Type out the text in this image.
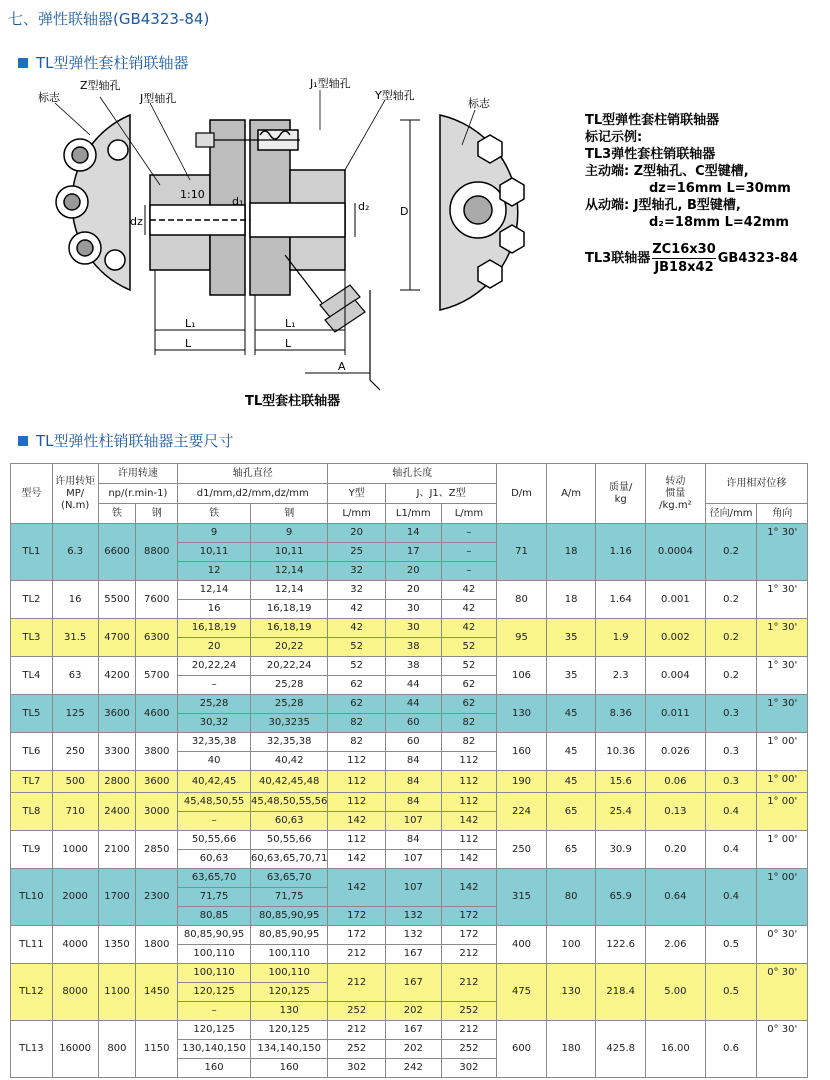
七、弹性联轴器(GB4323-84)
TL型弹性套柱销联轴器
标志
Z型轴孔
J型轴孔
J₁型轴孔
Y型轴孔
标志
1:10
dz
d₁	d₂	D
L₁
L
L₁
L
A
TL型套柱联轴器
TL型弹性套柱销联轴器
标记示例:
TL3弹性套柱销联轴器
主动端: Z型轴孔、C型键槽,
dz=16mm L=30mm
从动端: J型轴孔, B型键槽,
d₂=18mm L=42mm
TL3联轴器 $\frac{ZC16x30}{JB18x42} GB4323-84$
TL型弹性柱销联轴器主要尺寸
型号	许用转矩
MP/
(N.m)	许用转速		轴孔直径		轴孔长度			D/m	A/m	质量/
kg	转动
惯量
/kg.m²	许用相对位移	
		np/(r.min-1)		d1/mm,d2/mm,dz/mm		Y型	J、J1、Z型							
		铁	钢	铁	钢	L/mm	L1/mm	L/mm					径向/mm	角向
TL1	6.3	6600	8800	9	9	20	14	–	71	18	1.16	0.0004	0.2	1° 30'
				10,11	10,11	25	17	–						
				12	12,14	32	20	–						
TL2	16	5500	7600	12,14	12,14	32	20	42	80	18	1.64	0.001	0.2	1° 30'
				16	16,18,19	42	30	42						
TL3	31.5	4700	6300	16,18,19	16,18,19	42	30	42	95	35	1.9	0.002	0.2	1° 30'
				20	20,22	52	38	52						
TL4	63	4200	5700	20,22,24	20,22,24	52	38	52	106	35	2.3	0.004	0.2	1° 30'
				–	25,28	62	44	62						
TL5	125	3600	4600	25,28	25,28	62	44	62	130	45	8.36	0.011	0.3	1° 30'
				30,32	30,3235	82	60	82						
TL6	250	3300	3800	32,35,38	32,35,38	82	60	82	160	45	10.36	0.026	0.3	1° 00'
				40	40,42	112	84	112						
TL7	500	2800	3600	40,42,45	40,42,45,48	112	84	112	190	45	15.6	0.06	0.3	1° 00'
TL8	710	2400	3000	45,48,50,55	45,48,50,55,56	112	84	112	224	65	25.4	0.13	0.4	1° 00'
				–	60,63	142	107	142						
TL9	1000	2100	2850	50,55,66	50,55,66	112	84	112	250	65	30.9	0.20	0.4	1° 00'
				60,63	60,63,65,70,71	142	107	142						
TL10	2000	1700	2300	63,65,70	63,65,70	142	107	142	315	80	65.9	0.64	0.4	1° 00'
				71,75	71,75									
				80,85	80,85,90,95	172	132	172						
TL11	4000	1350	1800	80,85,90,95	80,85,90,95	172	132	172	400	100	122.6	2.06	0.5	0° 30'
				100,110	100,110	212	167	212						
TL12	8000	1100	1450	100,110	100,110	212	167	212	475	130	218.4	5.00	0.5	0° 30'
				120,125	120,125									
				–	130	252	202	252						
TL13	16000	800	1150	120,125	120,125	212	167	212	600	180	425.8	16.00	0.6	0° 30'
				130,140,150	134,140,150	252	202	252						
				160	160	302	242	302						
